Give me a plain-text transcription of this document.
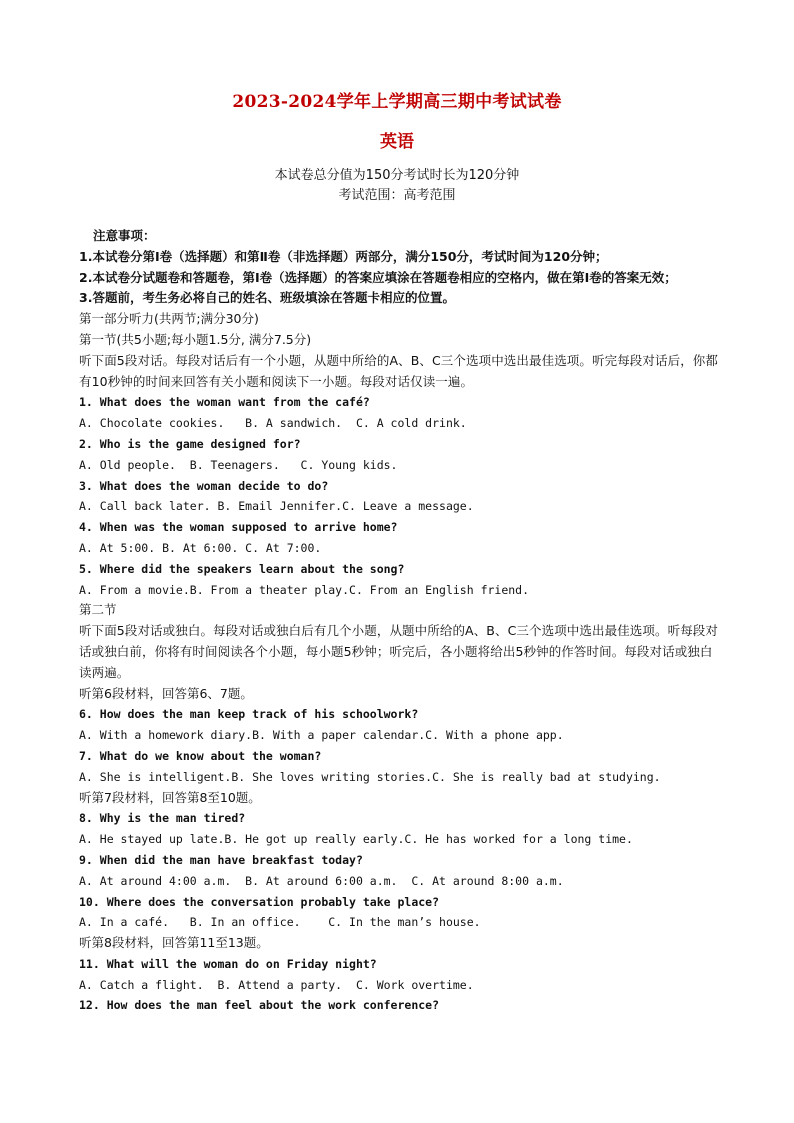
2023-2024学年上学期高三期中考试试卷
英语
本试卷总分值为150分考试时长为120分钟
考试范围：高考范围
注意事项：
1.本试卷分第Ⅰ卷（选择题）和第Ⅱ卷（非选择题）两部分，满分150分，考试时间为120分钟；
2.本试卷分试题卷和答题卷，第Ⅰ卷（选择题）的答案应填涂在答题卷相应的空格内，做在第Ⅰ卷的答案无效；
3.答题前，考生务必将自己的姓名、班级填涂在答题卡相应的位置。
第一部分听力(共两节;满分30分)
第一节(共5小题;每小题1.5分, 满分7.5分)
听下面5段对话。每段对话后有一个小题，从题中所给的A、B、C三个选项中选出最佳选项。听完每段对话后，你都有10秒钟的时间来回答有关小题和阅读下一小题。每段对话仅读一遍。
1. What does the woman want from the café?
A. Chocolate cookies.   B. A sandwich.  C. A cold drink.
2. Who is the game designed for?
A. Old people.  B. Teenagers.   C. Young kids.
3. What does the woman decide to do?
A. Call back later. B. Email Jennifer.C. Leave a message.
4. When was the woman supposed to arrive home?
A. At 5:00. B. At 6:00. C. At 7:00.
5. Where did the speakers learn about the song?
A. From a movie.B. From a theater play.C. From an English friend.
第二节
听下面5段对话或独白。每段对话或独白后有几个小题，从题中所给的A、B、C三个选项中选出最佳选项。听每段对话或独白前，你将有时间阅读各个小题，每小题5秒钟；听完后，各小题将给出5秒钟的作答时间。每段对话或独白读两遍。
听第6段材料，回答第6、7题。
6. How does the man keep track of his schoolwork?
A. With a homework diary.B. With a paper calendar.C. With a phone app.
7. What do we know about the woman?
A. She is intelligent.B. She loves writing stories.C. She is really bad at studying.
听第7段材料，回答第8至10题。
8. Why is the man tired?
A. He stayed up late.B. He got up really early.C. He has worked for a long time.
9. When did the man have breakfast today?
A. At around 4:00 a.m.  B. At around 6:00 a.m.  C. At around 8:00 a.m.
10. Where does the conversation probably take place?
A. In a café.   B. In an office.    C. In the man’s house.
听第8段材料，回答第11至13题。
11. What will the woman do on Friday night?
A. Catch a flight.  B. Attend a party.  C. Work overtime.
12. How does the man feel about the work conference?
